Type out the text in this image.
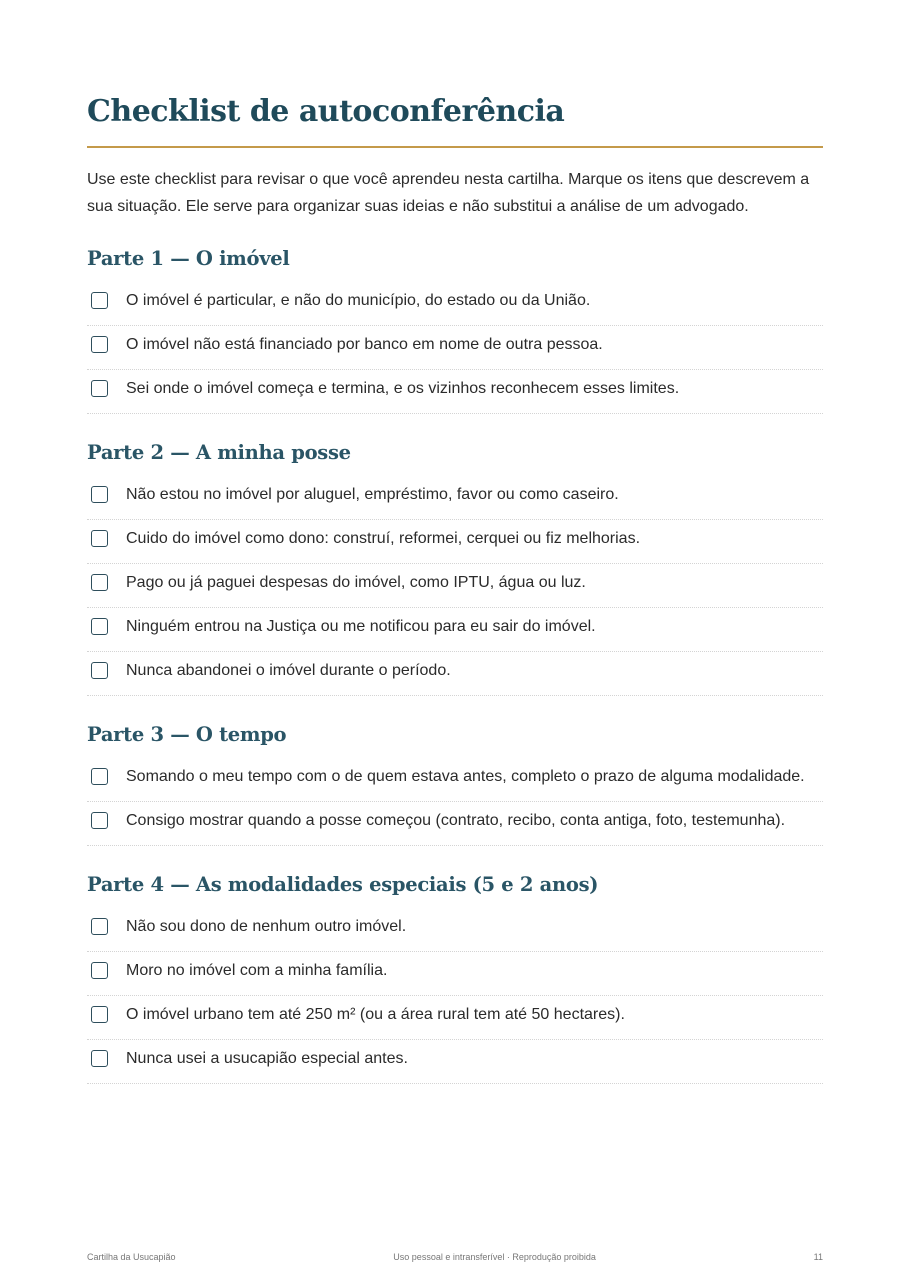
Checklist de autoconferência

Use este checklist para revisar o que você aprendeu nesta cartilha. Marque os itens que descrevem a sua situação. Ele serve para organizar suas ideias e não substitui a análise de um advogado.

Parte 1 — O imóvel
O imóvel é particular, e não do município, do estado ou da União.
O imóvel não está financiado por banco em nome de outra pessoa.
Sei onde o imóvel começa e termina, e os vizinhos reconhecem esses limites.
Parte 2 — A minha posse
Não estou no imóvel por aluguel, empréstimo, favor ou como caseiro.
Cuido do imóvel como dono: construí, reformei, cerquei ou fiz melhorias.
Pago ou já paguei despesas do imóvel, como IPTU, água ou luz.
Ninguém entrou na Justiça ou me notificou para eu sair do imóvel.
Nunca abandonei o imóvel durante o período.
Parte 3 — O tempo
Somando o meu tempo com o de quem estava antes, completo o prazo de alguma modalidade.
Consigo mostrar quando a posse começou (contrato, recibo, conta antiga, foto, testemunha).
Parte 4 — As modalidades especiais (5 e 2 anos)
Não sou dono de nenhum outro imóvel.
Moro no imóvel com a minha família.
O imóvel urbano tem até 250 m² (ou a área rural tem até 50 hectares).
Nunca usei a usucapião especial antes.
Cartilha da Usucapião	Uso pessoal e intransferível · Reprodução proibida	11
